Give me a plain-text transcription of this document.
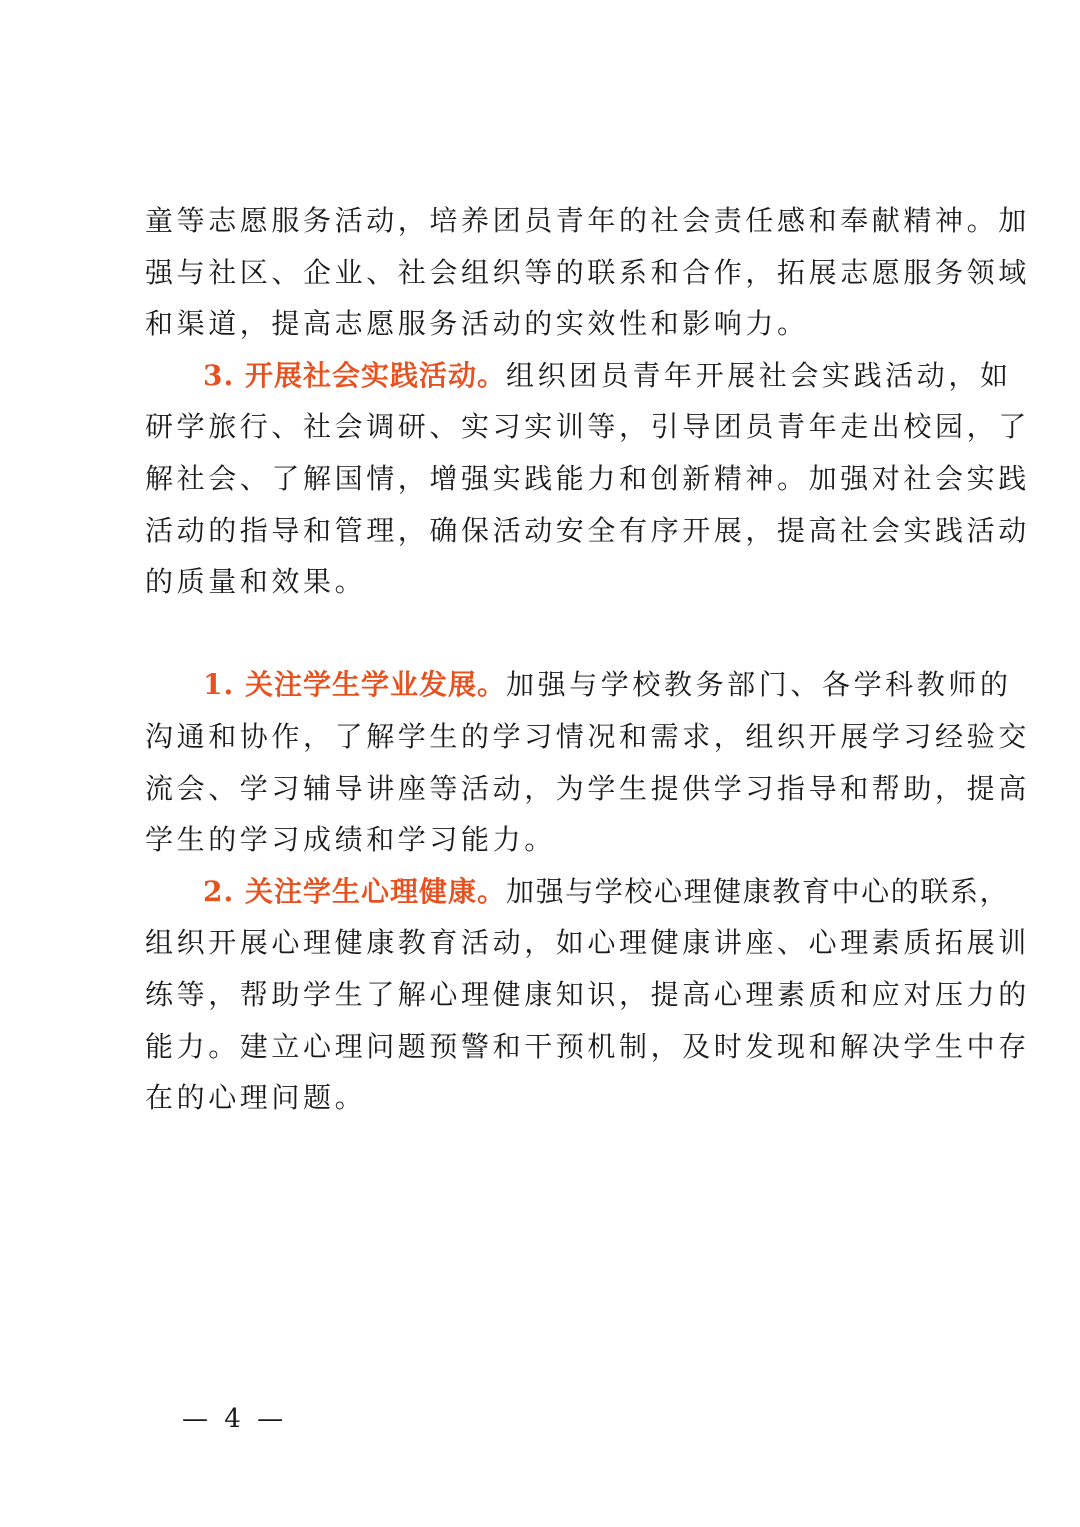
童等志愿服务活动，培养团员青年的社会责任感和奉献精神。加
强与社区、企业、社会组织等的联系和合作，拓展志愿服务领域
和渠道，提高志愿服务活动的实效性和影响力。
3. 开展社会实践活动。组织团员青年开展社会实践活动，如
研学旅行、社会调研、实习实训等，引导团员青年走出校园，了
解社会、了解国情，增强实践能力和创新精神。加强对社会实践
活动的指导和管理，确保活动安全有序开展，提高社会实践活动
的质量和效果。
1. 关注学生学业发展。加强与学校教务部门、各学科教师的
沟通和协作，了解学生的学习情况和需求，组织开展学习经验交
流会、学习辅导讲座等活动，为学生提供学习指导和帮助，提高
学生的学习成绩和学习能力。
2. 关注学生心理健康。加强与学校心理健康教育中心的联系，
组织开展心理健康教育活动，如心理健康讲座、心理素质拓展训
练等，帮助学生了解心理健康知识，提高心理素质和应对压力的
能力。建立心理问题预警和干预机制，及时发现和解决学生中存
在的心理问题。
— 4 —
